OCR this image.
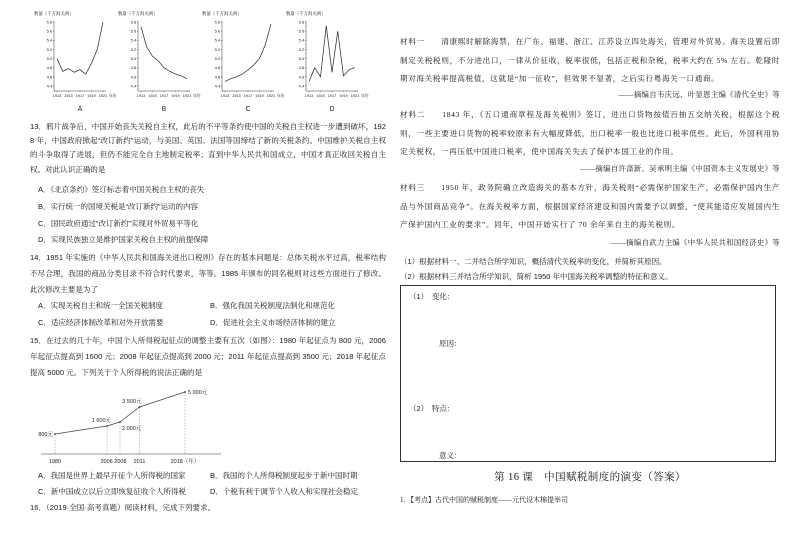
数量（千万海关两）
5.8
5.6
5.4
5.2
5.0
4.8
4.6
4.4
1913 1915 1917 1919 1921 年份
A
数量（千万海关两）
5.8
5.6
5.4
5.2
5.0
4.8
4.6
4.4
1913 1915 1917 1919 1921 年份
B
数量（千万海关两）
5.8
5.6
5.4
5.2
5.0
4.8
4.6
4.4
1913 1915 1917 1919 1921 年份
C
数量（千万海关两）
5.8
5.6
5.4
5.2
5.0
4.8
4.6
4.4
1913 1915 1917 1919 1921 年份
D
13．鸦片战争后，中国开始丧失关税自主权，此后的不平等条约使中国的关税自主权进一步遭到破坏，1928 年，中国政府掀起“改订新约”运动，与美国、英国、法国等国缔结了新的关税条约。中国维护关税自主权的斗争取得了进展，但仍不能完全自主地制定税率；直到中华人民共和国成立，中国才真正收回关税自主权。对此认识正确的是
A．《北京条约》签订标志着中国关税自主权的丧失
B．实行统一的国境关税是“改订新约”运动的内容
C．国民政府通过“改订新约”实现对外贸易平等化
D．实现民族独立是维护国家关税自主权的前提保障
14．1951 年实施的《中华人民共和国海关进出口税则》存在的基本问题是：总体关税水平过高，税率结构不尽合理，我国的商品分类目录不符合时代要求，等等。1985 年颁布的同名税则对这些方面进行了修改。此次修改主要是为了
A．实现关税自主和统一全国关税制度	B．强化我国关税制度法制化和规范化
C．适应经济体制改革和对外开放需要	D．促进社会主义市场经济体制的建立
15．在过去的几十年，中国个人所得税起征点的调整主要有五次（如图）：1980 年起征点为 800 元，2006 年起征点提高到 1600 元；2008 年起征点提高到 2000 元；2011 年起征点提高到 3500 元；2018 年起征点提高 5000 元。下列关于个人所得税的说法正确的是
800元
1 600元
2 000元
3 500元
5 000元
1980	2006 2008 2011	2018（年）
A．我国是世界上最早开征个人所得税的国家	B．我国的个人所得税制度起步于新中国时期
C．新中国成立以后立即恢复征收个人所得税	D．个税有利于调节个人收入和实现社会稳定
16．（2019·全国·高考真题）阅读材料，完成下列要求。
材料一　　清康熙时解除海禁，在广东、福建、浙江、江苏设立四处海关，管理对外贸易。海关设置后即制定关税税则，不分进出口，一律从价征收，税率很低，包括正税和杂税，税率大约在 5% 左右。乾隆时期对海关税率提高税值，这就是“加一征收”，但效果不显著，之后实行粤海关一口通商。
——摘编自韦庆远、叶显恩主编《清代全史》等
材料二　　1843 年，《五口通商章程及海关税则》签订，进出口货物按值百抽五交纳关税，根据这个税则，一些主要进口货物的税率较原来有大幅度降低，出口税率一般也比进口税率低些。此后，外国利用协定关税权，一再压低中国进口税率，使中国海关失去了保护本国工业的作用。
——摘编自许涤新、吴承明主编《中国资本主义发展史》等
材料三　　1950 年，政务院确立改造海关的基本方针，海关税则“必需保护国家生产，必需保护国内生产品与外国商品竞争”。在海关税率方面，根据国家经济建设和国内需要予以调整，“使其能适应发展国内生产保护国内工业的要求”。同年，中国开始实行了 70 余年来自主的海关税则。
——摘编自武力主编《中华人民共和国经济史》等
（1）根据材料一、二并结合所学知识，概括清代关税率的变化，并简析其原因。
（2）根据材料三并结合所学知识，简析 1950 年中国海关税率调整的特征和意义。
（1）　变化：
原因：
（2）　特点：
意义：
第 16 课　中国赋税制度的演变（答案）
1．【考点】古代中国的赋税制度——元代设木棉提举司
